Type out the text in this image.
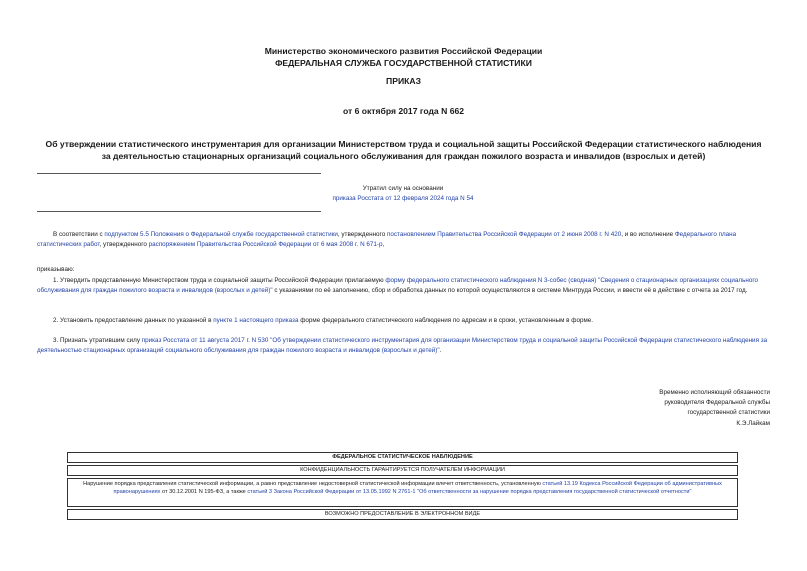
Министерство экономического развития Российской Федерации
ФЕДЕРАЛЬНАЯ СЛУЖБА ГОСУДАРСТВЕННОЙ СТАТИСТИКИ
ПРИКАЗ
от 6 октября 2017 года N 662
Об утверждении статистического инструментария для организации Министерством труда и социальной защиты Российской Федерации статистического наблюдения за деятельностью стационарных организаций социального обслуживания для граждан пожилого возраста и инвалидов (взрослых и детей)
Утратил силу на основании
приказа Росстата от 12 февраля 2024 года N 54
В соответствии с подпунктом 5.5 Положения о Федеральной службе государственной статистики, утвержденного постановлением Правительства Российской Федерации от 2 июня 2008 г. N 420, и во исполнение Федерального плана статистических работ, утвержденного распоряжением Правительства Российской Федерации от 6 мая 2008 г. N 671-р,
приказываю:
1. Утвердить представленную Министерством труда и социальной защиты Российской Федерации прилагаемую форму федерального статистического наблюдения N 3-собес (сводная) "Сведения о стационарных организациях социального обслуживания для граждан пожилого возраста и инвалидов (взрослых и детей)" с указаниями по её заполнению, сбор и обработка данных по которой осуществляются в системе Минтруда России, и ввести её в действие с отчета за 2017 год.
2. Установить предоставление данных по указанной в пункте 1 настоящего приказа форме федерального статистического наблюдения по адресам и в сроки, установленным в форме.
3. Признать утратившим силу приказ Росстата от 11 августа 2017 г. N 530 "Об утверждении статистического инструментария для организации Министерством труда и социальной защиты Российской Федерации статистического наблюдения за деятельностью стационарных организаций социального обслуживания для граждан пожилого возраста и инвалидов (взрослых и детей)".
Временно исполняющий обязанности
руководителя Федеральной службы
государственной статистики
К.Э.Лайкам
ФЕДЕРАЛЬНОЕ СТАТИСТИЧЕСКОЕ НАБЛЮДЕНИЕ
КОНФИДЕНЦИАЛЬНОСТЬ ГАРАНТИРУЕТСЯ ПОЛУЧАТЕЛЕМ ИНФОРМАЦИИ
Нарушение порядка представления статистической информации, а равно представление недостоверной статистической информации влечет ответственность, установленную статьей 13.19 Кодекса Российской Федерации об административных правонарушениях от 30.12.2001 N 195-ФЗ, а также статьей 3 Закона Российской Федерации от 13.05.1992 N 2761-1 "Об ответственности за нарушение порядка представления государственной статистической отчетности"
ВОЗМОЖНО ПРЕДОСТАВЛЕНИЕ В ЭЛЕКТРОННОМ ВИДЕ
